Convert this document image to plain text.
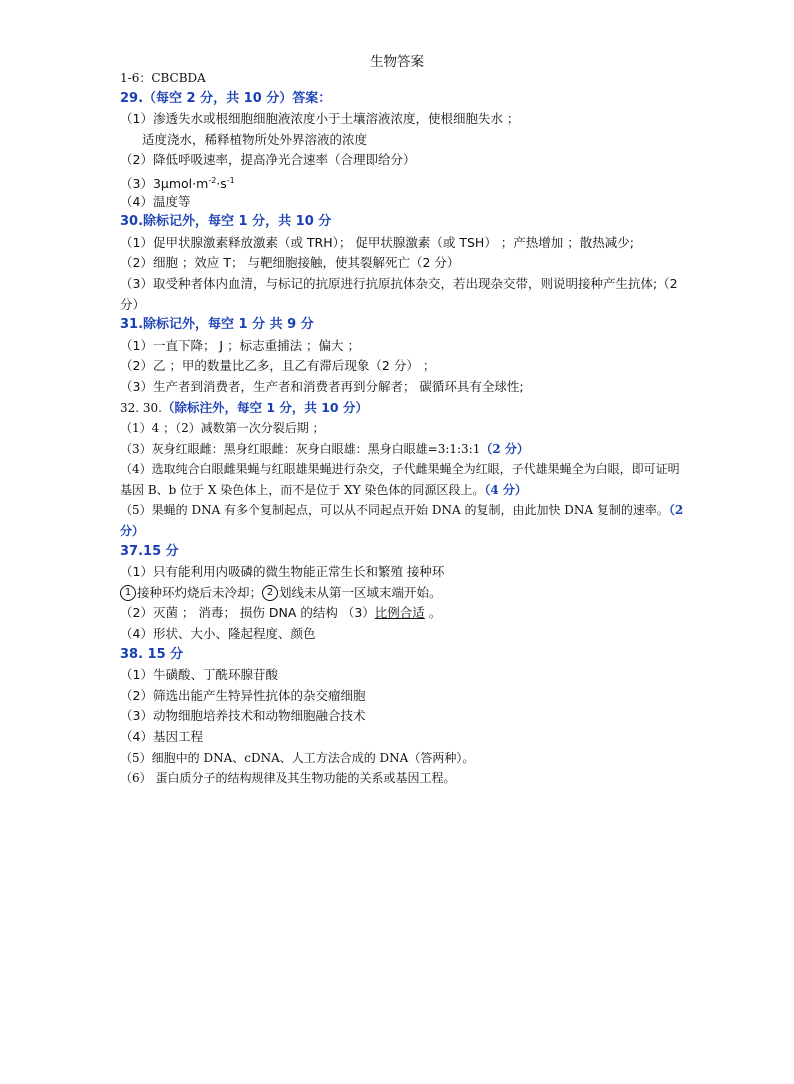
生物答案
1-6：CBCBDA
29.（每空 2 分，共 10 分）答案：
（1）渗透失水或根细胞细胞液浓度小于土壤溶液浓度，使根细胞失水 ；
适度浇水，稀释植物所处外界溶液的浓度
（2）降低呼吸速率，提高净光合速率（合理即给分）
$(3)3\mu mol\cdot m^{-2}\cdot s^{-1}$
（4）温度等
30.除标记外，每空 1 分，共 10 分
（1）促甲状腺激素释放激素（或 TRH）； 促甲状腺激素（或 TSH） ；产热增加 ；散热减少;
（2）细胞 ；效应 T； 与靶细胞接触，使其裂解死亡（2 分）
（3）取受种者体内血清，与标记的抗原进行抗原抗体杂交，若出现杂交带，则说明接种产生抗体;（2 分）
31.除标记外，每空 1 分 共 9 分
（1）一直下降； J ；标志重捕法 ；偏大 ；
（2）乙 ；甲的数量比乙多，且乙有滞后现象（2 分） ；
（3）生产者到消费者，生产者和消费者再到分解者； 碳循环具有全球性;
32. 30.（除标注外，每空 1 分，共 10 分）
（1）4 ；（2）减数第一次分裂后期 ；
（3）灰身红眼雌：黑身红眼雌：灰身白眼雄：黑身白眼雄=3:1:3:1（2 分）
（4）选取纯合白眼雌果蝇与红眼雄果蝇进行杂交，子代雌果蝇全为红眼，子代雄果蝇全为白眼，即可证明基因 B、b 位于 X 染色体上，而不是位于 XY 染色体的同源区段上。（4 分）
（5）果蝇的 DNA 有多个复制起点，可以从不同起点开始 DNA 的复制，由此加快 DNA 复制的速率。（2 分）
37.15 分
（1）只有能利用内吸磷的微生物能正常生长和繁殖 接种环
1 接种环灼烧后未冷却； 2 划线未从第一区域末端开始。
（2）灭菌 ； 消毒； 损伤 DNA 的结构 （3）比例合适 。
（4）形状、大小、隆起程度、颜色
38. 15 分
（1）牛磺酸、丁酰环腺苷酸
（2）筛选出能产生特异性抗体的杂交瘤细胞
（3）动物细胞培养技术和动物细胞融合技术
（4）基因工程
（5）细胞中的 DNA、cDNA、人工方法合成的 DNA（答两种）。
（6） 蛋白质分子的结构规律及其生物功能的关系或基因工程。
